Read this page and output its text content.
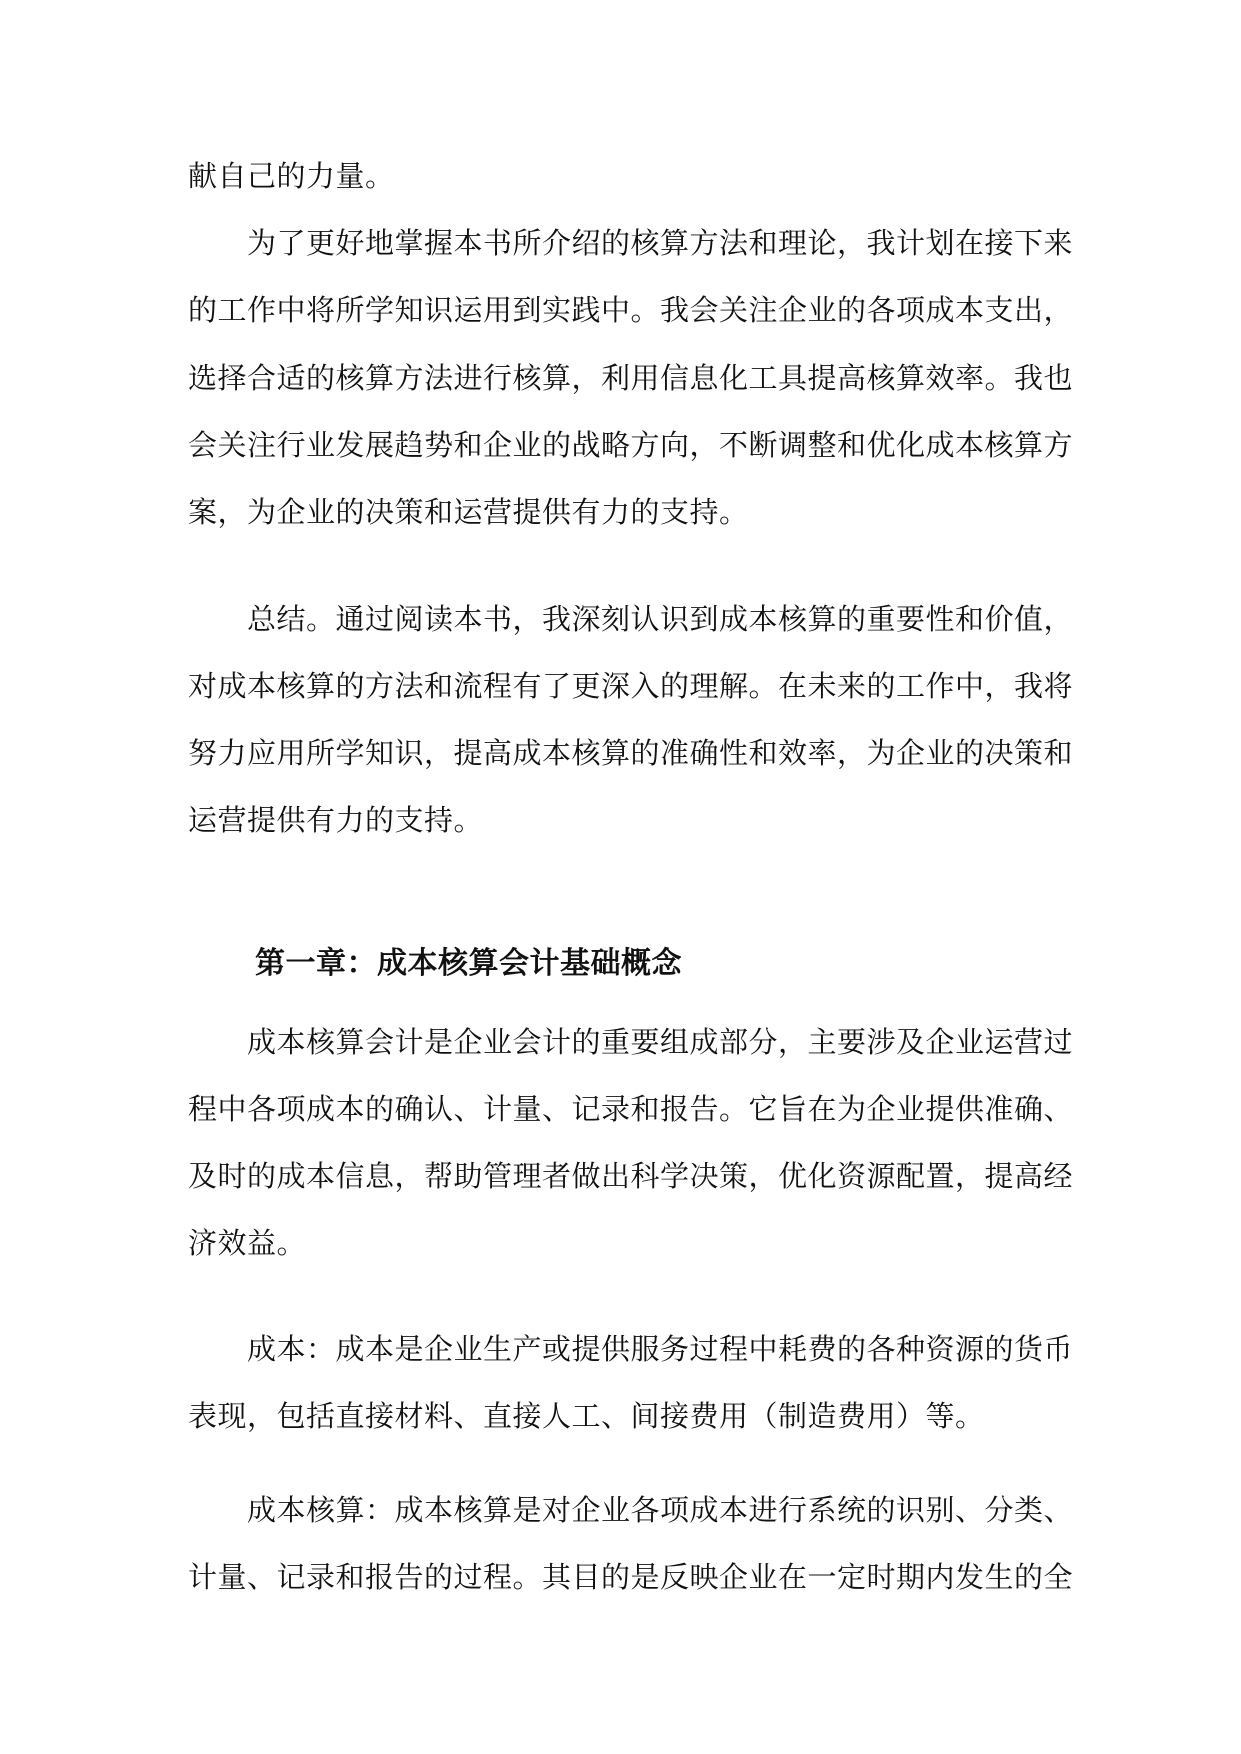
献自己的力量。
为了更好地掌握本书所介绍的核算方法和理论，我计划在接下来
的工作中将所学知识运用到实践中。我会关注企业的各项成本支出，
选择合适的核算方法进行核算，利用信息化工具提高核算效率。我也
会关注行业发展趋势和企业的战略方向，不断调整和优化成本核算方
案，为企业的决策和运营提供有力的支持。
总结。通过阅读本书，我深刻认识到成本核算的重要性和价值，
对成本核算的方法和流程有了更深入的理解。在未来的工作中，我将
努力应用所学知识，提高成本核算的准确性和效率，为企业的决策和
运营提供有力的支持。
第一章：成本核算会计基础概念
成本核算会计是企业会计的重要组成部分，主要涉及企业运营过
程中各项成本的确认、计量、记录和报告。它旨在为企业提供准确、
及时的成本信息，帮助管理者做出科学决策，优化资源配置，提高经
济效益。
成本：成本是企业生产或提供服务过程中耗费的各种资源的货币
表现，包括直接材料、直接人工、间接费用（制造费用）等。
成本核算：成本核算是对企业各项成本进行系统的识别、分类、
计量、记录和报告的过程。其目的是反映企业在一定时期内发生的全
